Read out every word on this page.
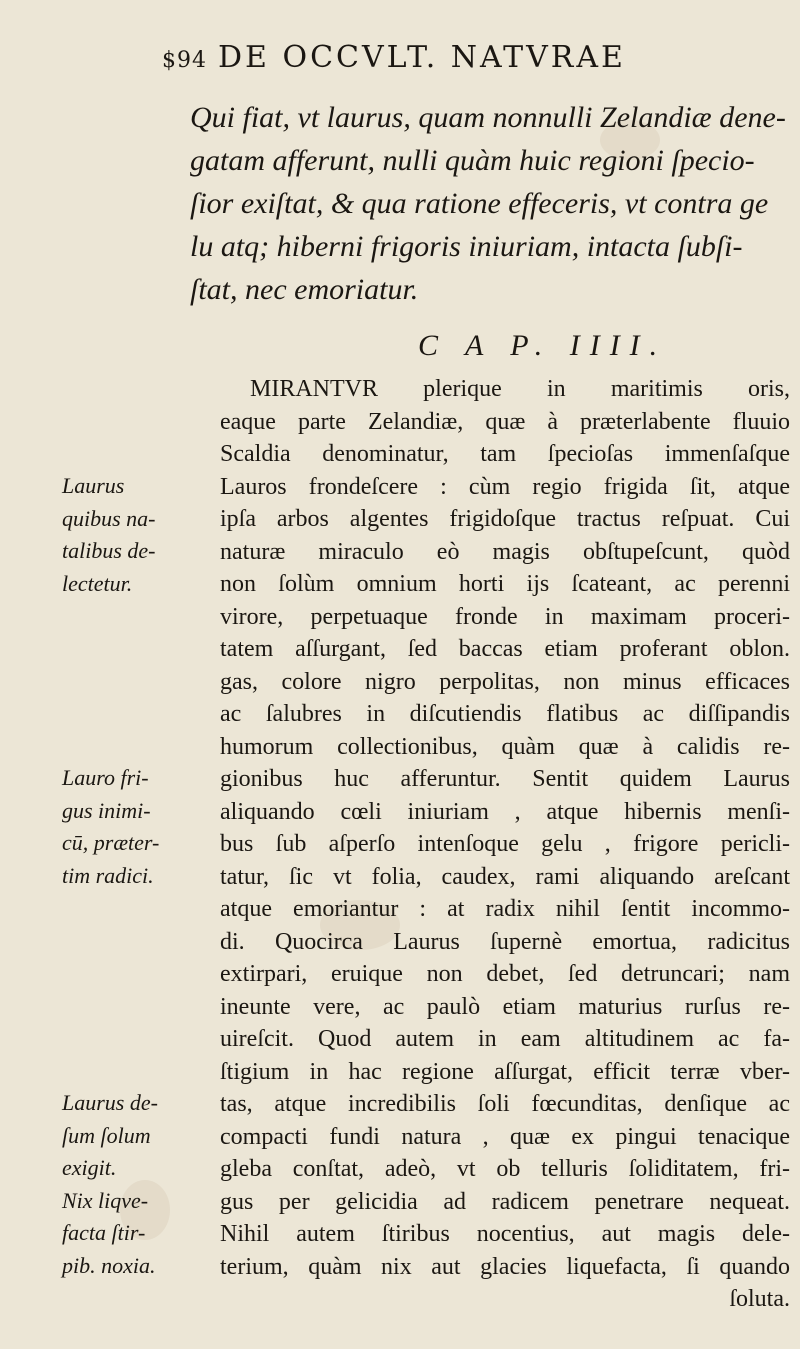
$94 DE OCCVLT. NATVRAE
Qui fiat, vt laurus, quam nonnulli Zelandiæ dene-
gatam afferunt, nulli quàm huic regioni ſpecio-
ſior exiſtat, & qua ratione effeceris, vt contra ge
lu atq; hiberni frigoris iniuriam, intacta ſubſi-
ſtat, nec emoriatur.
C A P. IIII.
MIRANTVR plerique in maritimis oris,
eaque parte Zelandiæ, quæ à præterlabente fluuio
Scaldia denominatur, tam ſpecioſas immenſaſque
Lauros frondeſcere : cùm regio frigida ſit, atque
ipſa arbos algentes frigidoſque tractus reſpuat. Cui
naturæ miraculo eò magis obſtupeſcunt, quòd
non ſolùm omnium horti ijs ſcateant, ac perenni
virore, perpetuaque fronde in maximam proceri-
tatem aſſurgant, ſed baccas etiam proferant oblon.
gas, colore nigro perpolitas, non minus efficaces
ac ſalubres in diſcutiendis flatibus ac diſſipandis
humorum collectionibus, quàm quæ à calidis re-
gionibus huc afferuntur. Sentit quidem Laurus
aliquando cœli iniuriam , atque hibernis menſi-
bus ſub aſperſo intenſoque gelu , frigore pericli-
tatur, ſic vt folia, caudex, rami aliquando areſcant
atque emoriantur : at radix nihil ſentit incommo-
di. Quocirca Laurus ſupernè emortua, radicitus
extirpari, eruique non debet, ſed detruncari; nam
ineunte vere, ac paulò etiam maturius rurſus re-
uireſcit. Quod autem in eam altitudinem ac fa-
ſtigium in hac regione aſſurgat, efficit terræ vber-
tas, atque incredibilis ſoli fœcunditas, denſique ac
compacti fundi natura , quæ ex pingui tenacique
gleba conſtat, adeò, vt ob telluris ſoliditatem, fri-
gus per gelicidia ad radicem penetrare nequeat.
Nihil autem ſtiribus nocentius, aut magis dele-
terium, quàm nix aut glacies liquefacta, ſi quando
ſoluta.
Laurus
quibus na-
talibus de-
lectetur.
Lauro fri-
gus inimi-
cū, præter-
tim radici.
Laurus de-
ſum ſolum
exigit.
Nix liqve-
facta ſtir-
pib. noxia.
